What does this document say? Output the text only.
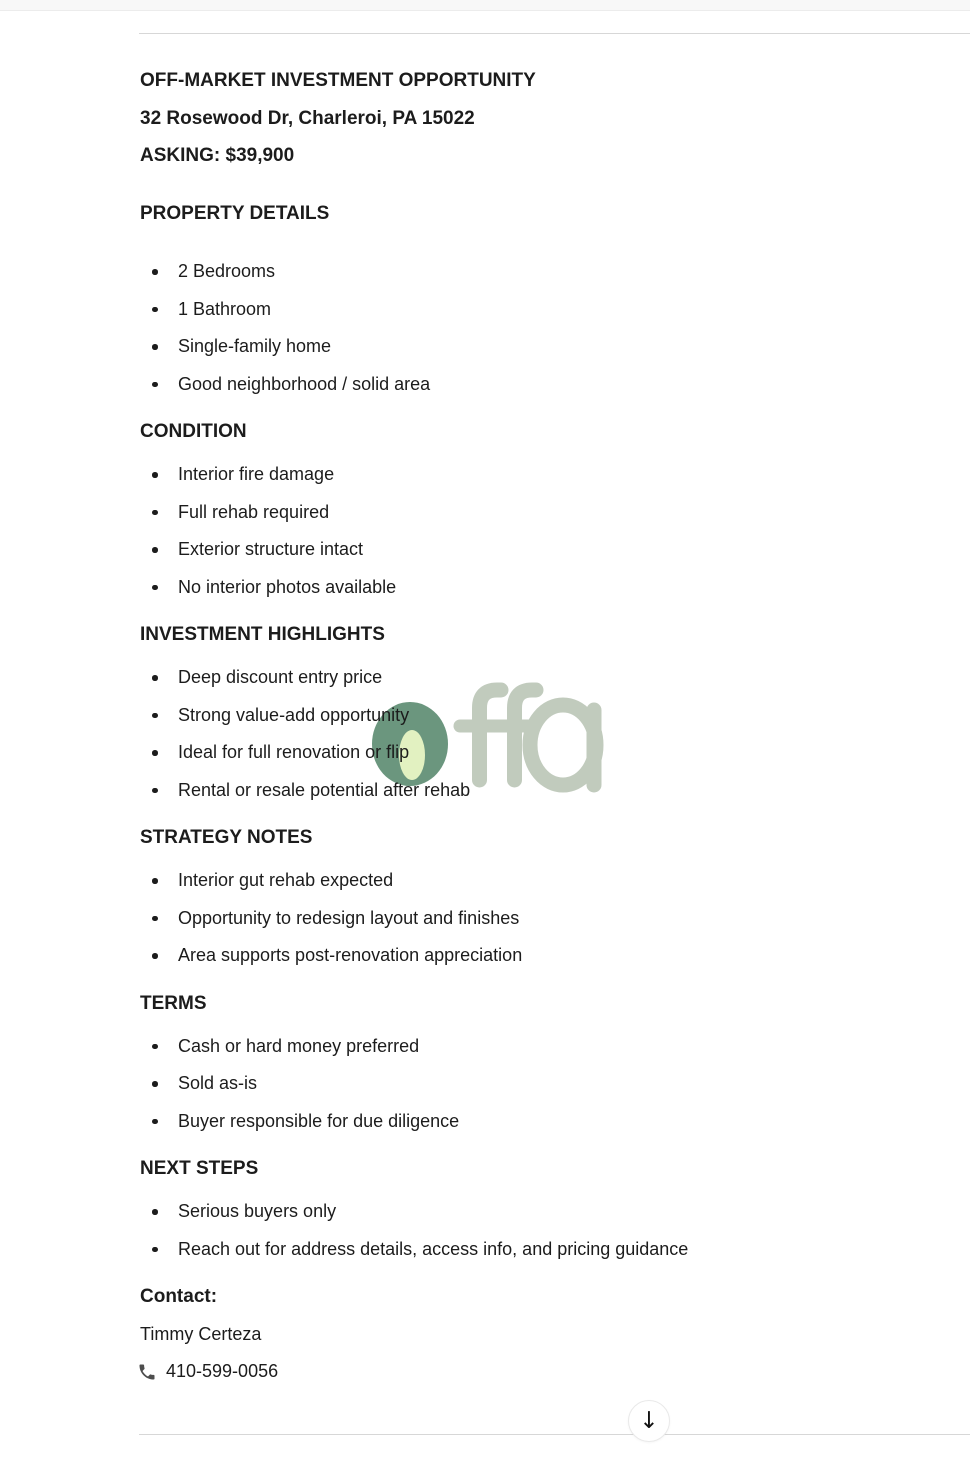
OFF-MARKET INVESTMENT OPPORTUNITY
32 Rosewood Dr, Charleroi, PA 15022
ASKING: $39,900
PROPERTY DETAILS
2 Bedrooms
1 Bathroom
Single-family home
Good neighborhood / solid area
CONDITION
Interior fire damage
Full rehab required
Exterior structure intact
No interior photos available
INVESTMENT HIGHLIGHTS
Deep discount entry price
Strong value-add opportunity
Ideal for full renovation or flip
Rental or resale potential after rehab
STRATEGY NOTES
Interior gut rehab expected
Opportunity to redesign layout and finishes
Area supports post-renovation appreciation
TERMS
Cash or hard money preferred
Sold as-is
Buyer responsible for due diligence
NEXT STEPS
Serious buyers only
Reach out for address details, access info, and pricing guidance
Contact:
Timmy Certeza
410-599-0056
↓
